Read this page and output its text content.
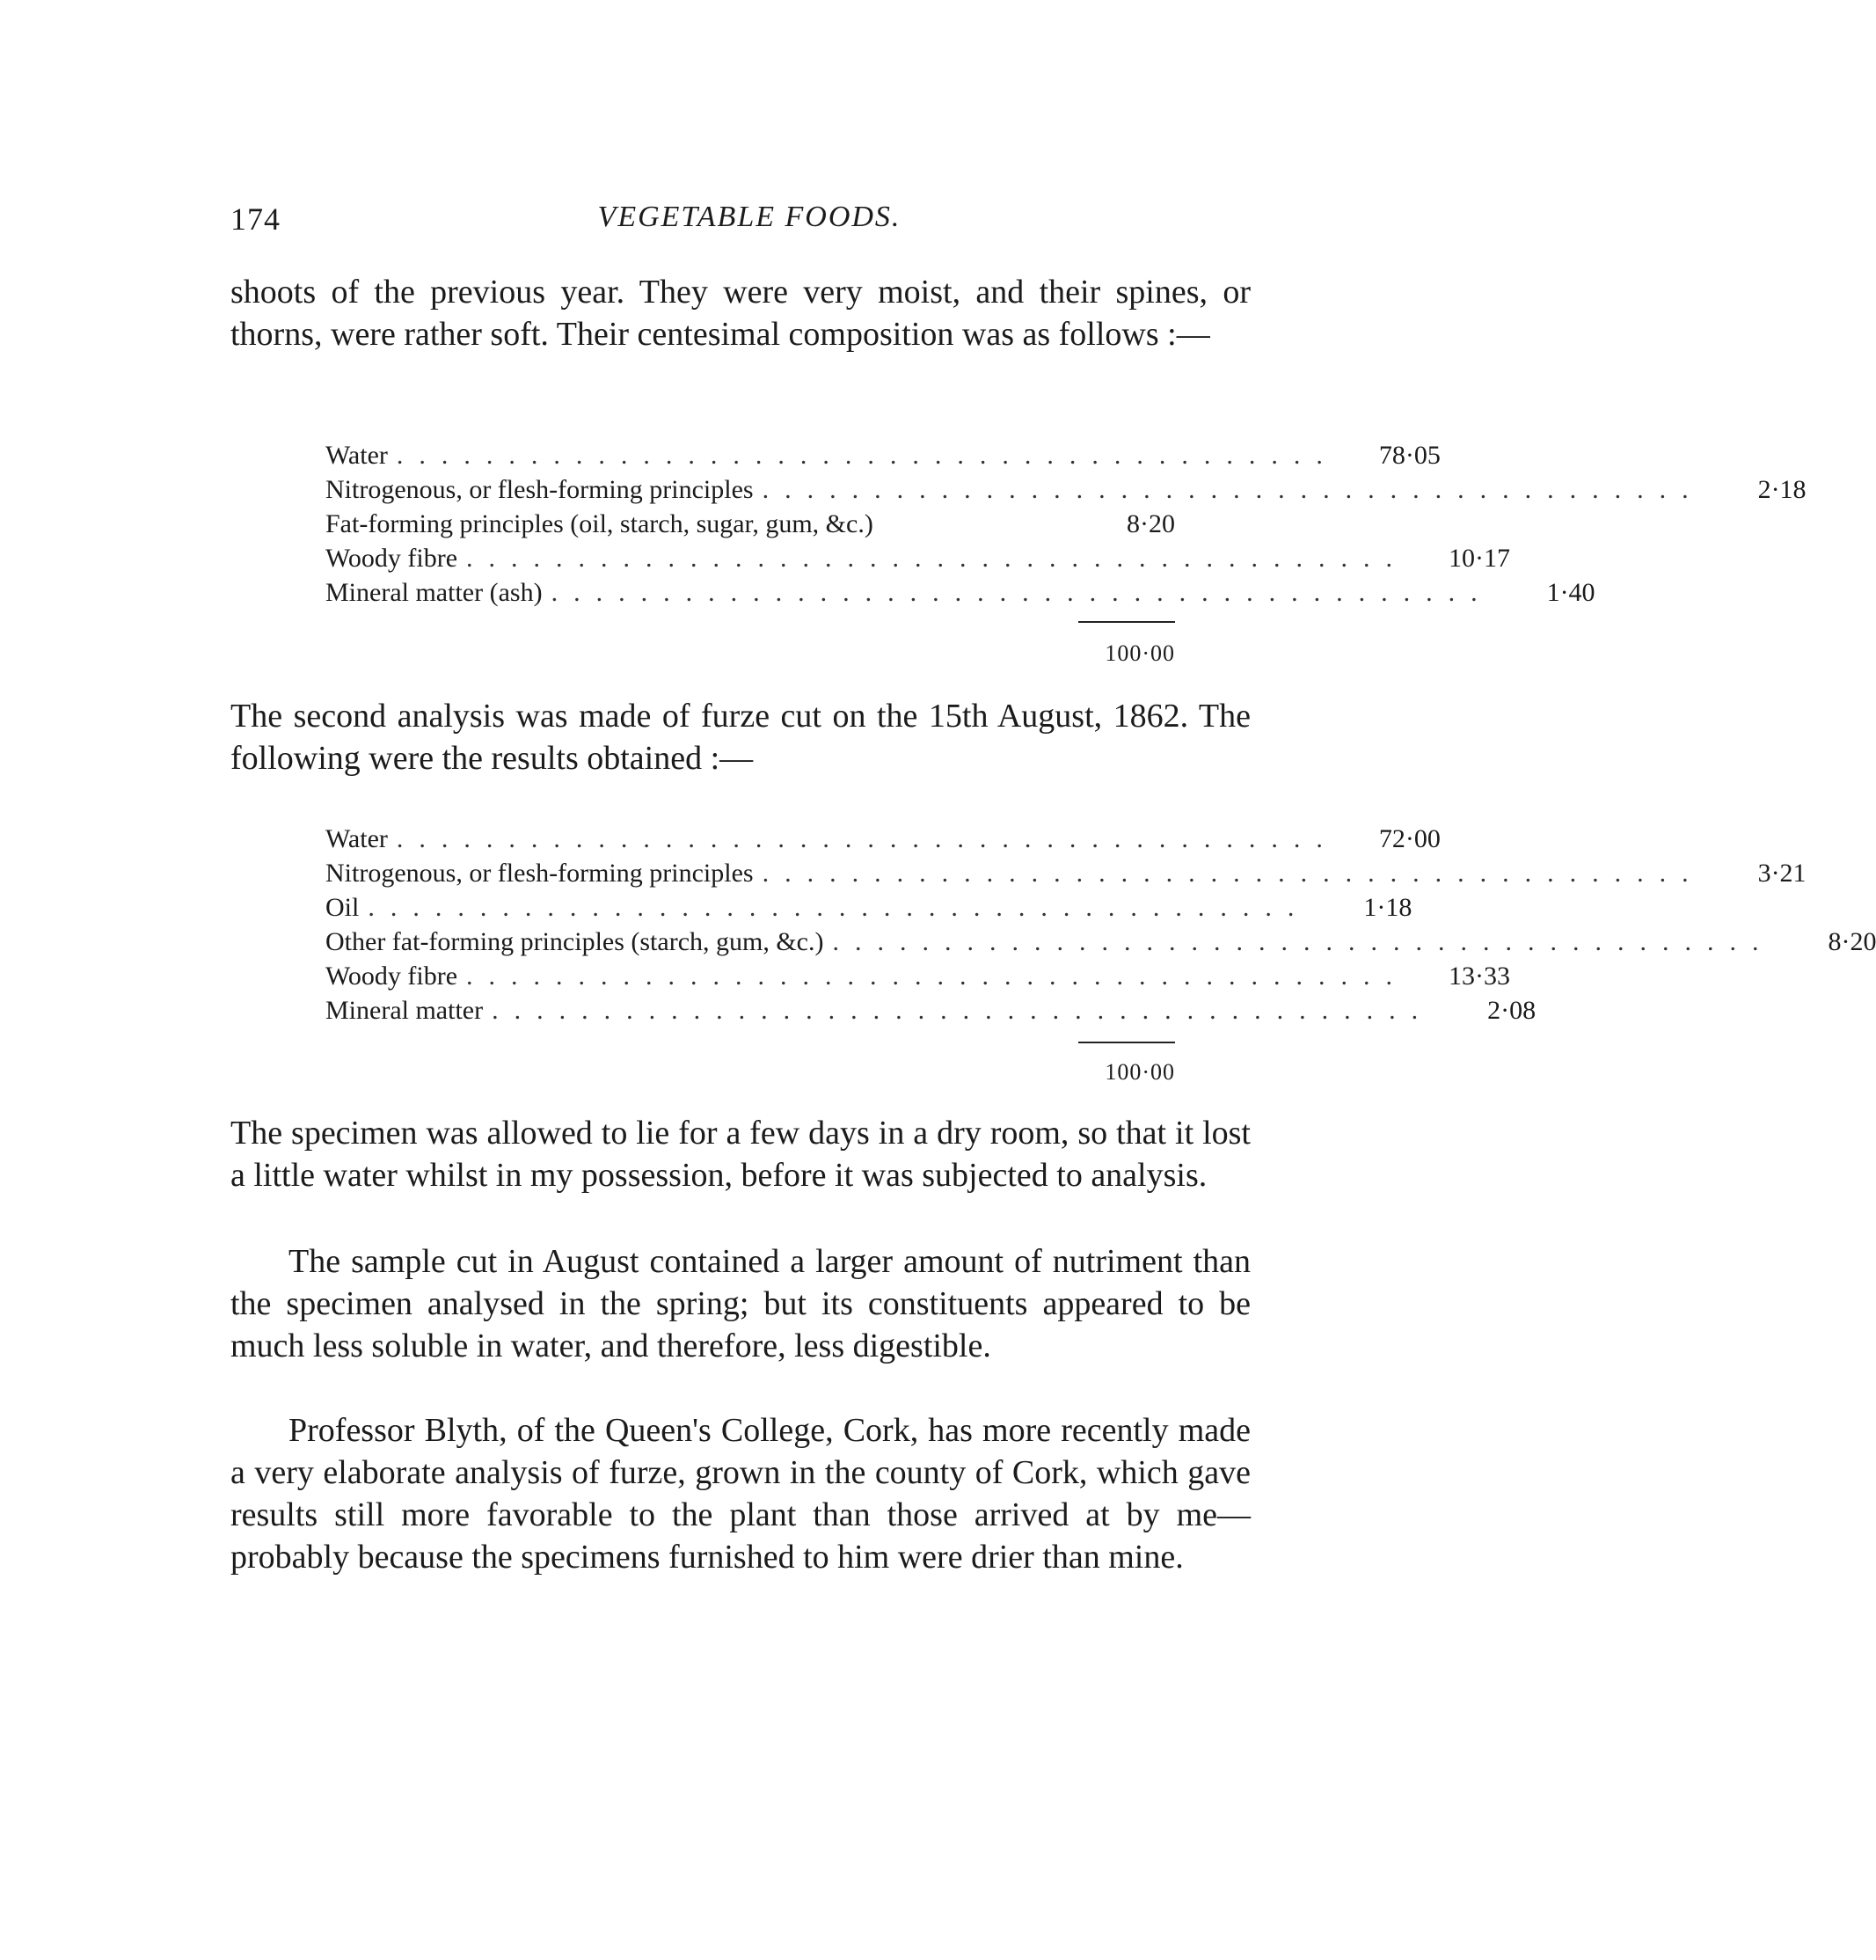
174	VEGETABLE FOODS.

shoots of the previous year. They were very moist, and their spines, or thorns, were rather soft. Their centesimal composition was as follows :—

Water ..........................................	78·05
Nitrogenous, or flesh-forming principles ..........................................	2·18
Fat-forming principles (oil, starch, sugar, gum, &c.)	8·20
Woody fibre ..........................................	10·17
Mineral matter (ash) ..........................................	1·40
100·00

The second analysis was made of furze cut on the 15th August, 1862. The following were the results obtained :—

Water ..........................................	72·00
Nitrogenous, or flesh-forming principles ..........................................	3·21
Oil ..........................................	1·18
Other fat-forming principles (starch, gum, &c.) ..........................................	8·20
Woody fibre ..........................................	13·33
Mineral matter ..........................................	2·08
100·00

The specimen was allowed to lie for a few days in a dry room, so that it lost a little water whilst in my possession, before it was subjected to analysis.

The sample cut in August contained a larger amount of nutriment than the specimen analysed in the spring; but its constituents appeared to be much less soluble in water, and therefore, less digestible.

Professor Blyth, of the Queen's College, Cork, has more recently made a very elaborate analysis of furze, grown in the county of Cork, which gave results still more favorable to the plant than those arrived at by me—probably because the specimens furnished to him were drier than mine.
